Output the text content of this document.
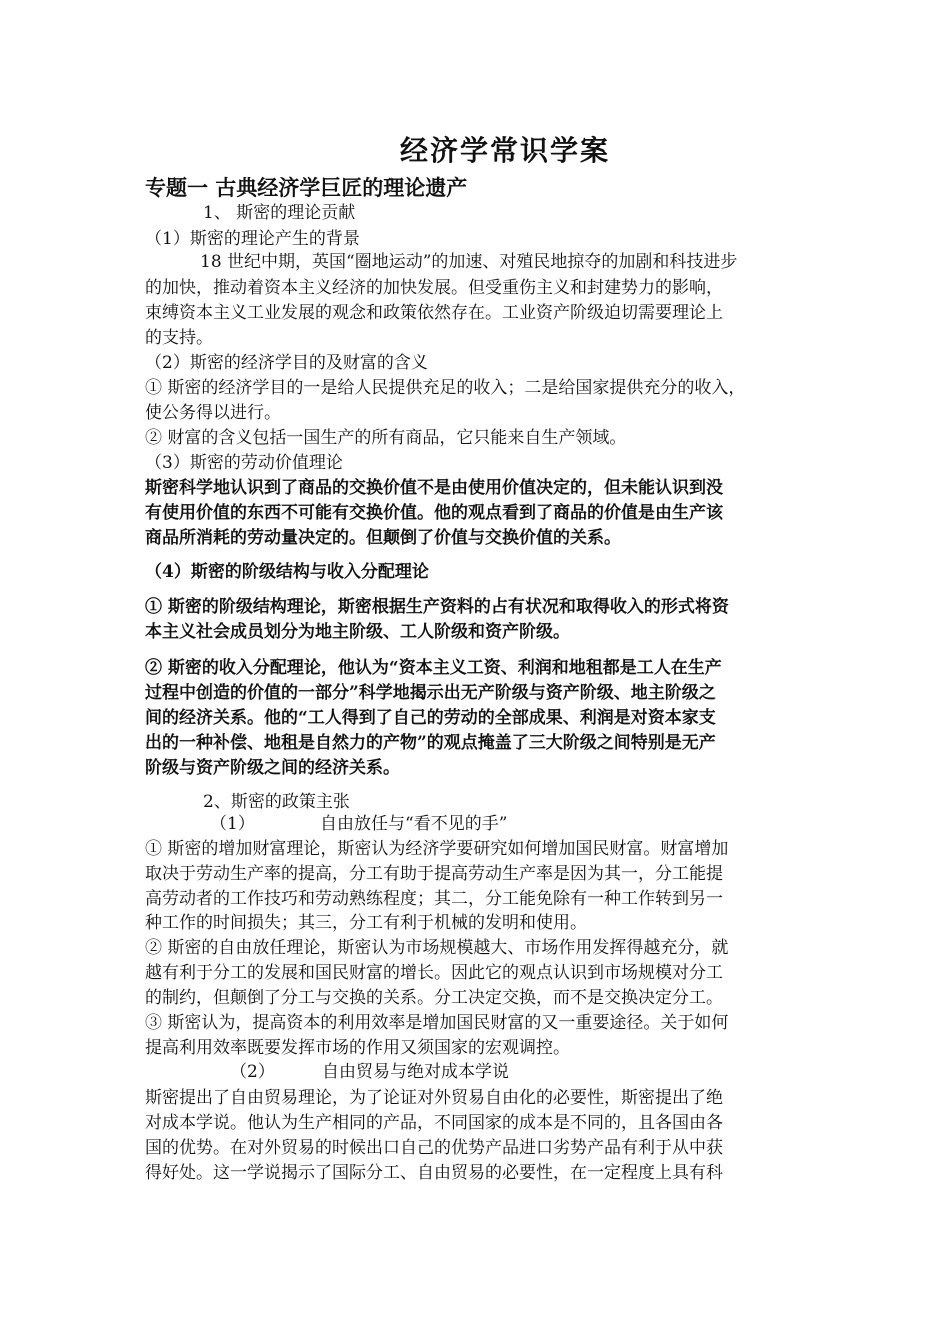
经济学常识学案
专题一 古典经济学巨匠的理论遗产
1、 斯密的理论贡献
（1）斯密的理论产生的背景
18 世纪中期，英国“圈地运动”的加速、对殖民地掠夺的加剧和科技进步
的加快，推动着资本主义经济的加快发展。但受重伤主义和封建势力的影响，
束缚资本主义工业发展的观念和政策依然存在。工业资产阶级迫切需要理论上
的支持。
（2）斯密的经济学目的及财富的含义
① 斯密的经济学目的一是给人民提供充足的收入；二是给国家提供充分的收入，
使公务得以进行。
② 财富的含义包括一国生产的所有商品，它只能来自生产领域。
（3）斯密的劳动价值理论
斯密科学地认识到了商品的交换价值不是由使用价值决定的，但未能认识到没
有使用价值的东西不可能有交换价值。他的观点看到了商品的价值是由生产该
商品所消耗的劳动量决定的。但颠倒了价值与交换价值的关系。
（4）斯密的阶级结构与收入分配理论
① 斯密的阶级结构理论，斯密根据生产资料的占有状况和取得收入的形式将资
本主义社会成员划分为地主阶级、工人阶级和资产阶级。
② 斯密的收入分配理论，他认为“资本主义工资、利润和地租都是工人在生产
过程中创造的价值的一部分”科学地揭示出无产阶级与资产阶级、地主阶级之
间的经济关系。他的“工人得到了自己的劳动的全部成果、利润是对资本家支
出的一种补偿、地租是自然力的产物”的观点掩盖了三大阶级之间特别是无产
阶级与资产阶级之间的经济关系。
2、斯密的政策主张
（1）	自由放任与“看不见的手”
① 斯密的增加财富理论，斯密认为经济学要研究如何增加国民财富。财富增加
取决于劳动生产率的提高，分工有助于提高劳动生产率是因为其一，分工能提
高劳动者的工作技巧和劳动熟练程度；其二，分工能免除有一种工作转到另一
种工作的时间损失；其三，分工有利于机械的发明和使用。
② 斯密的自由放任理论，斯密认为市场规模越大、市场作用发挥得越充分，就
越有利于分工的发展和国民财富的增长。因此它的观点认识到市场规模对分工
的制约，但颠倒了分工与交换的关系。分工决定交换，而不是交换决定分工。
③ 斯密认为，提高资本的利用效率是增加国民财富的又一重要途径。关于如何
提高利用效率既要发挥市场的作用又须国家的宏观调控。
（2）	自由贸易与绝对成本学说
斯密提出了自由贸易理论，为了论证对外贸易自由化的必要性，斯密提出了绝
对成本学说。他认为生产相同的产品，不同国家的成本是不同的，且各国由各
国的优势。在对外贸易的时候出口自己的优势产品进口劣势产品有利于从中获
得好处。这一学说揭示了国际分工、自由贸易的必要性，在一定程度上具有科
